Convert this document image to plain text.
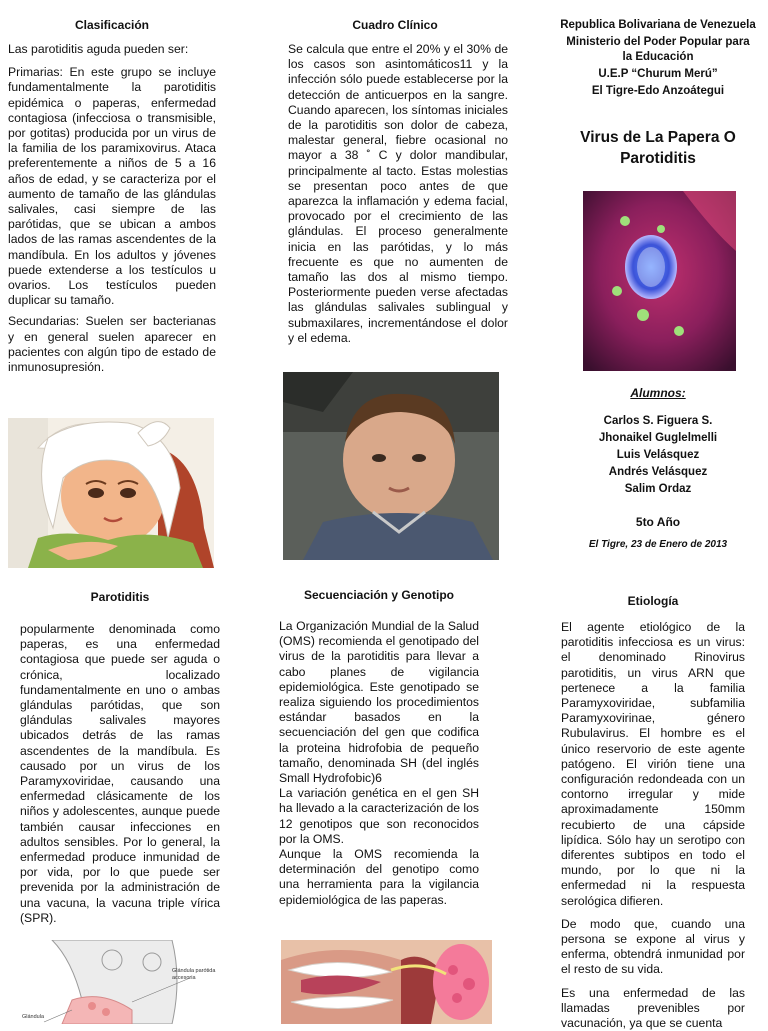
Clasificación

Las parotiditis aguda pueden ser:

Primarias: En este grupo se incluye fundamentalmente la parotiditis epidémica o paperas, enfermedad contagiosa (infecciosa o transmisible, por gotitas) producida por un virus de la familia de los paramixovirus. Ataca preferentemente a niños de 5 a 16 años de edad, y se caracteriza por el aumento de tamaño de las glándulas salivales, casi siempre de las parótidas, que se ubican a ambos lados de las ramas ascendentes de la mandíbula. En los adultos y jóvenes puede extenderse a los testículos u ovarios. Los testículos pueden duplicar su tamaño.

Secundarias: Suelen ser bacterianas y en general suelen aparecer en pacientes con algún tipo de estado de inmunosupresión.

Cuadro Clínico

Se calcula que entre el 20% y el 30% de los casos son asintomáticos11 y la infección sólo puede establecerse por la detección de anticuerpos en la sangre. Cuando aparecen, los síntomas iniciales de la parotiditis son dolor de cabeza, malestar general, fiebre ocasional no mayor a 38 ˚ C y dolor mandibular, principalmente al tacto. Estas molestias se presentan poco antes de que aparezca la inflamación y edema facial, provocado por el crecimiento de las glándulas. El proceso generalmente inicia en las parótidas, y lo más frecuente es que no aumenten de tamaño las dos al mismo tiempo. Posteriormente pueden verse afectadas las glándulas salivales sublingual y submaxilares, incrementándose el dolor y el edema.

Republica Bolivariana de Venezuela
Ministerio del Poder Popular para la Educación
U.E.P “Churum Merú”
El Tigre-Edo Anzoátegui
Virus de La Papera O Parotiditis
Alumnos:
Carlos S. Figuera S.
Jhonaikel Guglelmelli
Luis Velásquez
Andrés Velásquez
Salim Ordaz
5to Año
El Tigre, 23 de Enero de 2013
Parotiditis

popularmente denominada como paperas, es una enfermedad contagiosa que puede ser aguda o crónica, localizado fundamentalmente en uno o ambas glándulas parótidas, que son glándulas salivales mayores ubicados detrás de las ramas ascendentes de la mandíbula. Es causado por un virus de los Paramyxoviridae, causando una enfermedad clásicamente de los niños y adolescentes, aunque puede también causar infecciones en adultos sensibles. Por lo general, la enfermedad produce inmunidad de por vida, por lo que puede ser prevenida por la administración de una vacuna, la vacuna triple vírica (SPR).

Glándula parótida accesoria
Glándula
Secuenciación y Genotipo

La Organización Mundial de la Salud (OMS) recomienda el genotipado del virus de la parotiditis para llevar a cabo planes de vigilancia epidemiológica. Este genotipado se realiza siguiendo los procedimientos estándar basados en la secuenciación del gen que codifica la proteina hidrofobia de pequeño tamaño, denominada SH (del inglés Small Hydrofobic)6

La variación genética en el gen SH ha llevado a la caracterización de los 12 genotipos que son reconocidos por la OMS.

Aunque la OMS recomienda la determinación del genotipo como una herramienta para la vigilancia epidemiológica de las paperas.

Etiología

El agente etiológico de la parotiditis infecciosa es un virus: el denominado Rinovirus parotiditis, un virus ARN que pertenece a la familia Paramyxoviridae, subfamilia Paramyxovirinae, género Rubulavirus. El hombre es el único reservorio de este agente patógeno. El virión tiene una configuración redondeada con un contorno irregular y mide aproximadamente 150mm recubierto de una cápside lipídica. Sólo hay un serotipo con diferentes subtipos en todo el mundo, por lo que ni la enfermedad ni la respuesta serológica difieren.

De modo que, cuando una persona se expone al virus y enferma, obtendrá inmunidad por el resto de su vida.

Es una enfermedad de las llamadas prevenibles por vacunación, ya que se cuenta
